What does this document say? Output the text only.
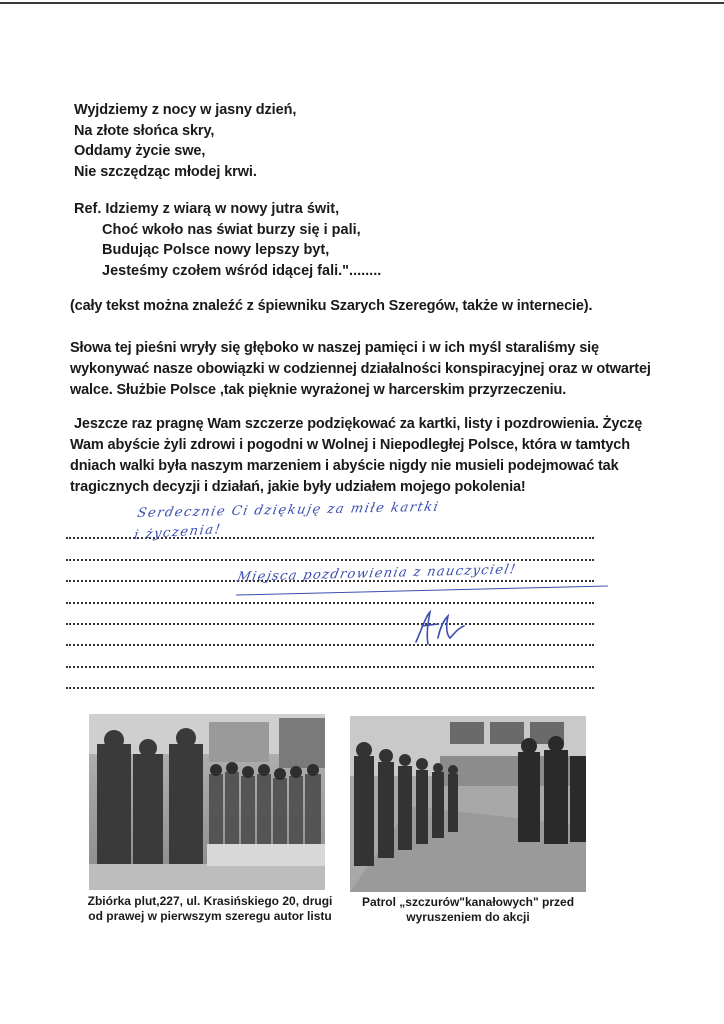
Wyjdziemy z nocy w jasny dzień,
Na złote słońca skry,
Oddamy życie swe,
Nie szczędząc młodej krwi.
Ref. Idziemy z wiarą w nowy jutra świt,
Choć wkoło nas świat burzy się i pali,
Budując Polsce nowy lepszy byt,
Jesteśmy czołem wśród idącej fali."........
(cały tekst można znaleźć z śpiewniku Szarych Szeregów, także w internecie).
Słowa tej pieśni wryły się głęboko w naszej pamięci i w ich myśl staraliśmy się wykonywać nasze obowiązki w codziennej działalności konspiracyjnej oraz w otwartej walce. Służbie Polsce ,tak pięknie wyrażonej w harcerskim przyrzeczeniu.
Jeszcze raz pragnę Wam szczerze podziękować za kartki, listy i pozdrowienia. Życzę Wam abyście żyli zdrowi i pogodni w Wolnej i Niepodległej Polsce, która w tamtych dniach walki była naszym marzeniem i abyście nigdy nie musieli podejmować tak tragicznych decyzji i działań, jakie były udziałem mojego pokolenia!
Serdecznie Ci dziękuję za miłe kartki
i życzenia!
Miejsca pozdrowienia z nauczyciel!
Zbiórka plut,227, ul. Krasińskiego 20, drugi od prawej w pierwszym szeregu autor listu
Patrol „szczurów"kanałowych" przed wyruszeniem do akcji
